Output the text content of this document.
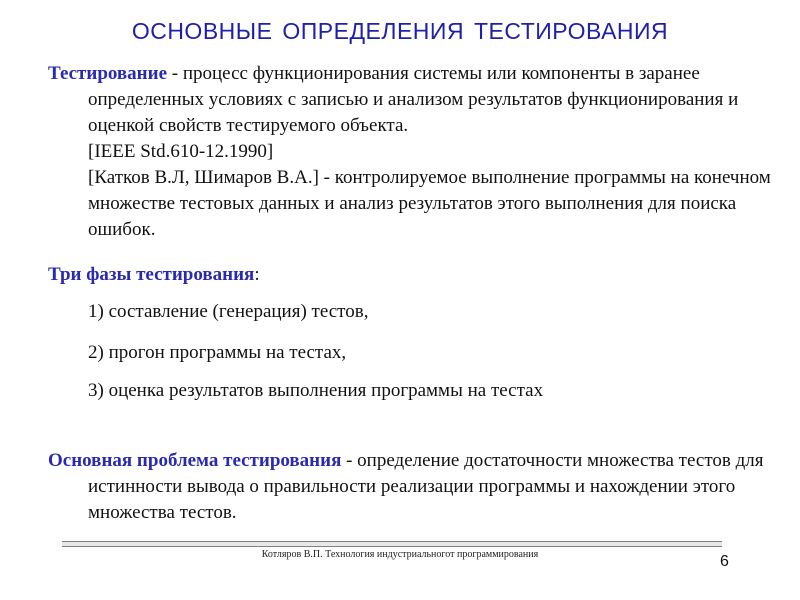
ОСНОВНЫЕ ОПРЕДЕЛЕНИЯ ТЕСТИРОВАНИЯ
Тестирование - процесс функционирования системы или компоненты в заранее определенных условиях с записью и анализом результатов функционирования и оценкой свойств тестируемого объекта.
[IEEE Std.610-12.1990]
[Катков В.Л, Шимаров В.А.] - контролируемое выполнение программы на конечном множестве тестовых данных и анализ результатов этого выполнения для поиска ошибок.
Три фазы тестирования:
1) составление (генерация) тестов,
2) прогон программы на тестах,
3) оценка результатов выполнения программы на тестах
Основная проблема тестирования - определение достаточности множества тестов для истинности вывода о правильности реализации программы и нахождении этого множества тестов.
Котляров В.П. Технология индустриальногот программирования	6
